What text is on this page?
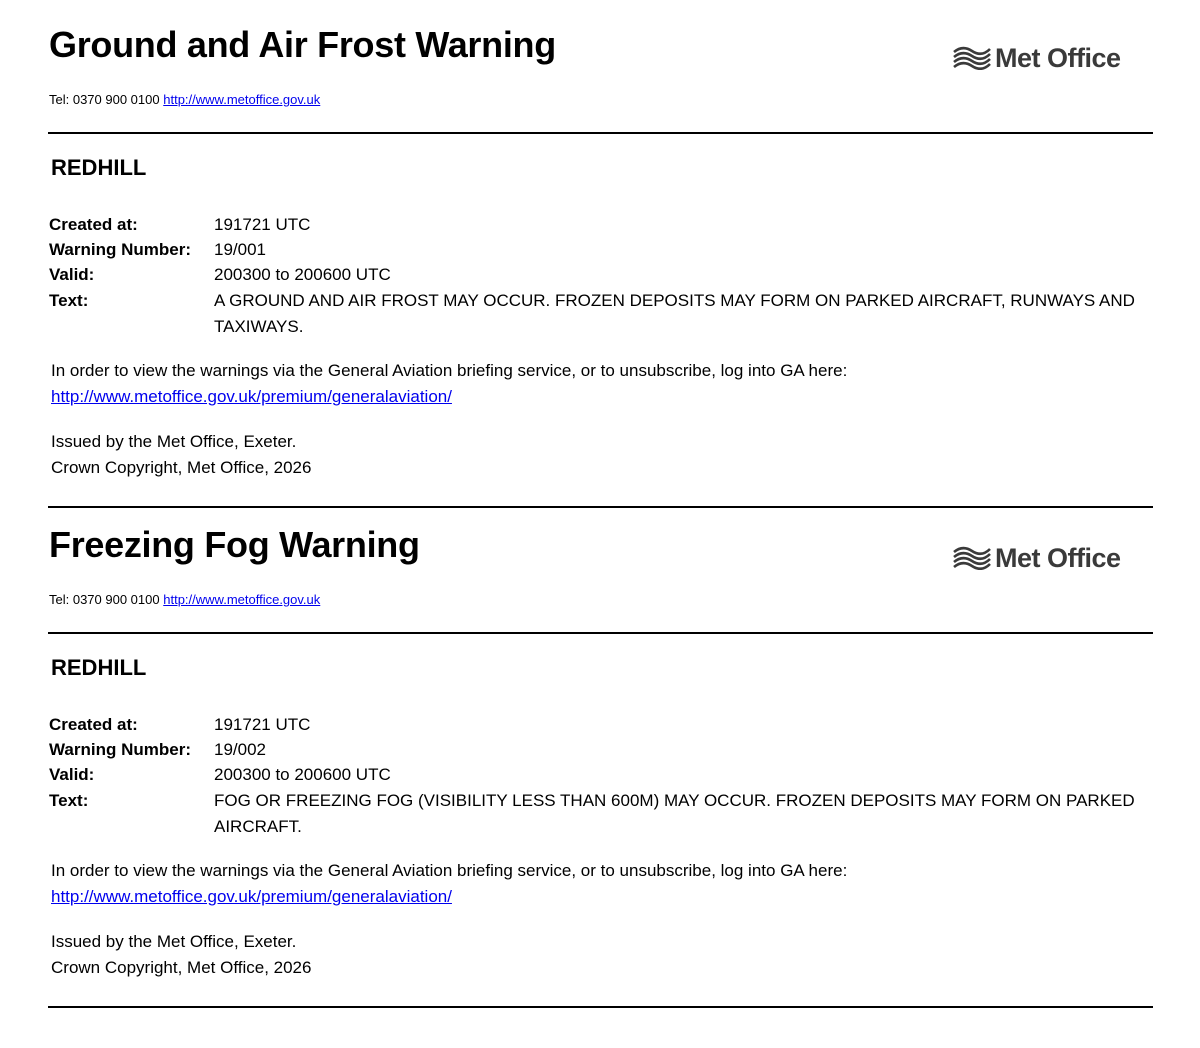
Ground and Air Frost Warning	Met Office
Tel: 0370 900 0100 http://www.metoffice.gov.uk
REDHILL
Created at:	191721 UTC
Warning Number: 19/001
Valid:	200300 to 200600 UTC
Text:	A GROUND AND AIR FROST MAY OCCUR. FROZEN DEPOSITS MAY FORM ON PARKED AIRCRAFT, RUNWAYS AND TAXIWAYS.
In order to view the warnings via the General Aviation briefing service, or to unsubscribe, log into GA here:
http://www.metoffice.gov.uk/premium/generalaviation/
Issued by the Met Office, Exeter.
Crown Copyright, Met Office, 2026
Freezing Fog Warning	Met Office
Tel: 0370 900 0100 http://www.metoffice.gov.uk
REDHILL
Created at:	191721 UTC
Warning Number: 19/002
Valid:	200300 to 200600 UTC
Text:	FOG OR FREEZING FOG (VISIBILITY LESS THAN 600M) MAY OCCUR. FROZEN DEPOSITS MAY FORM ON PARKED AIRCRAFT.
In order to view the warnings via the General Aviation briefing service, or to unsubscribe, log into GA here:
http://www.metoffice.gov.uk/premium/generalaviation/
Issued by the Met Office, Exeter.
Crown Copyright, Met Office, 2026
